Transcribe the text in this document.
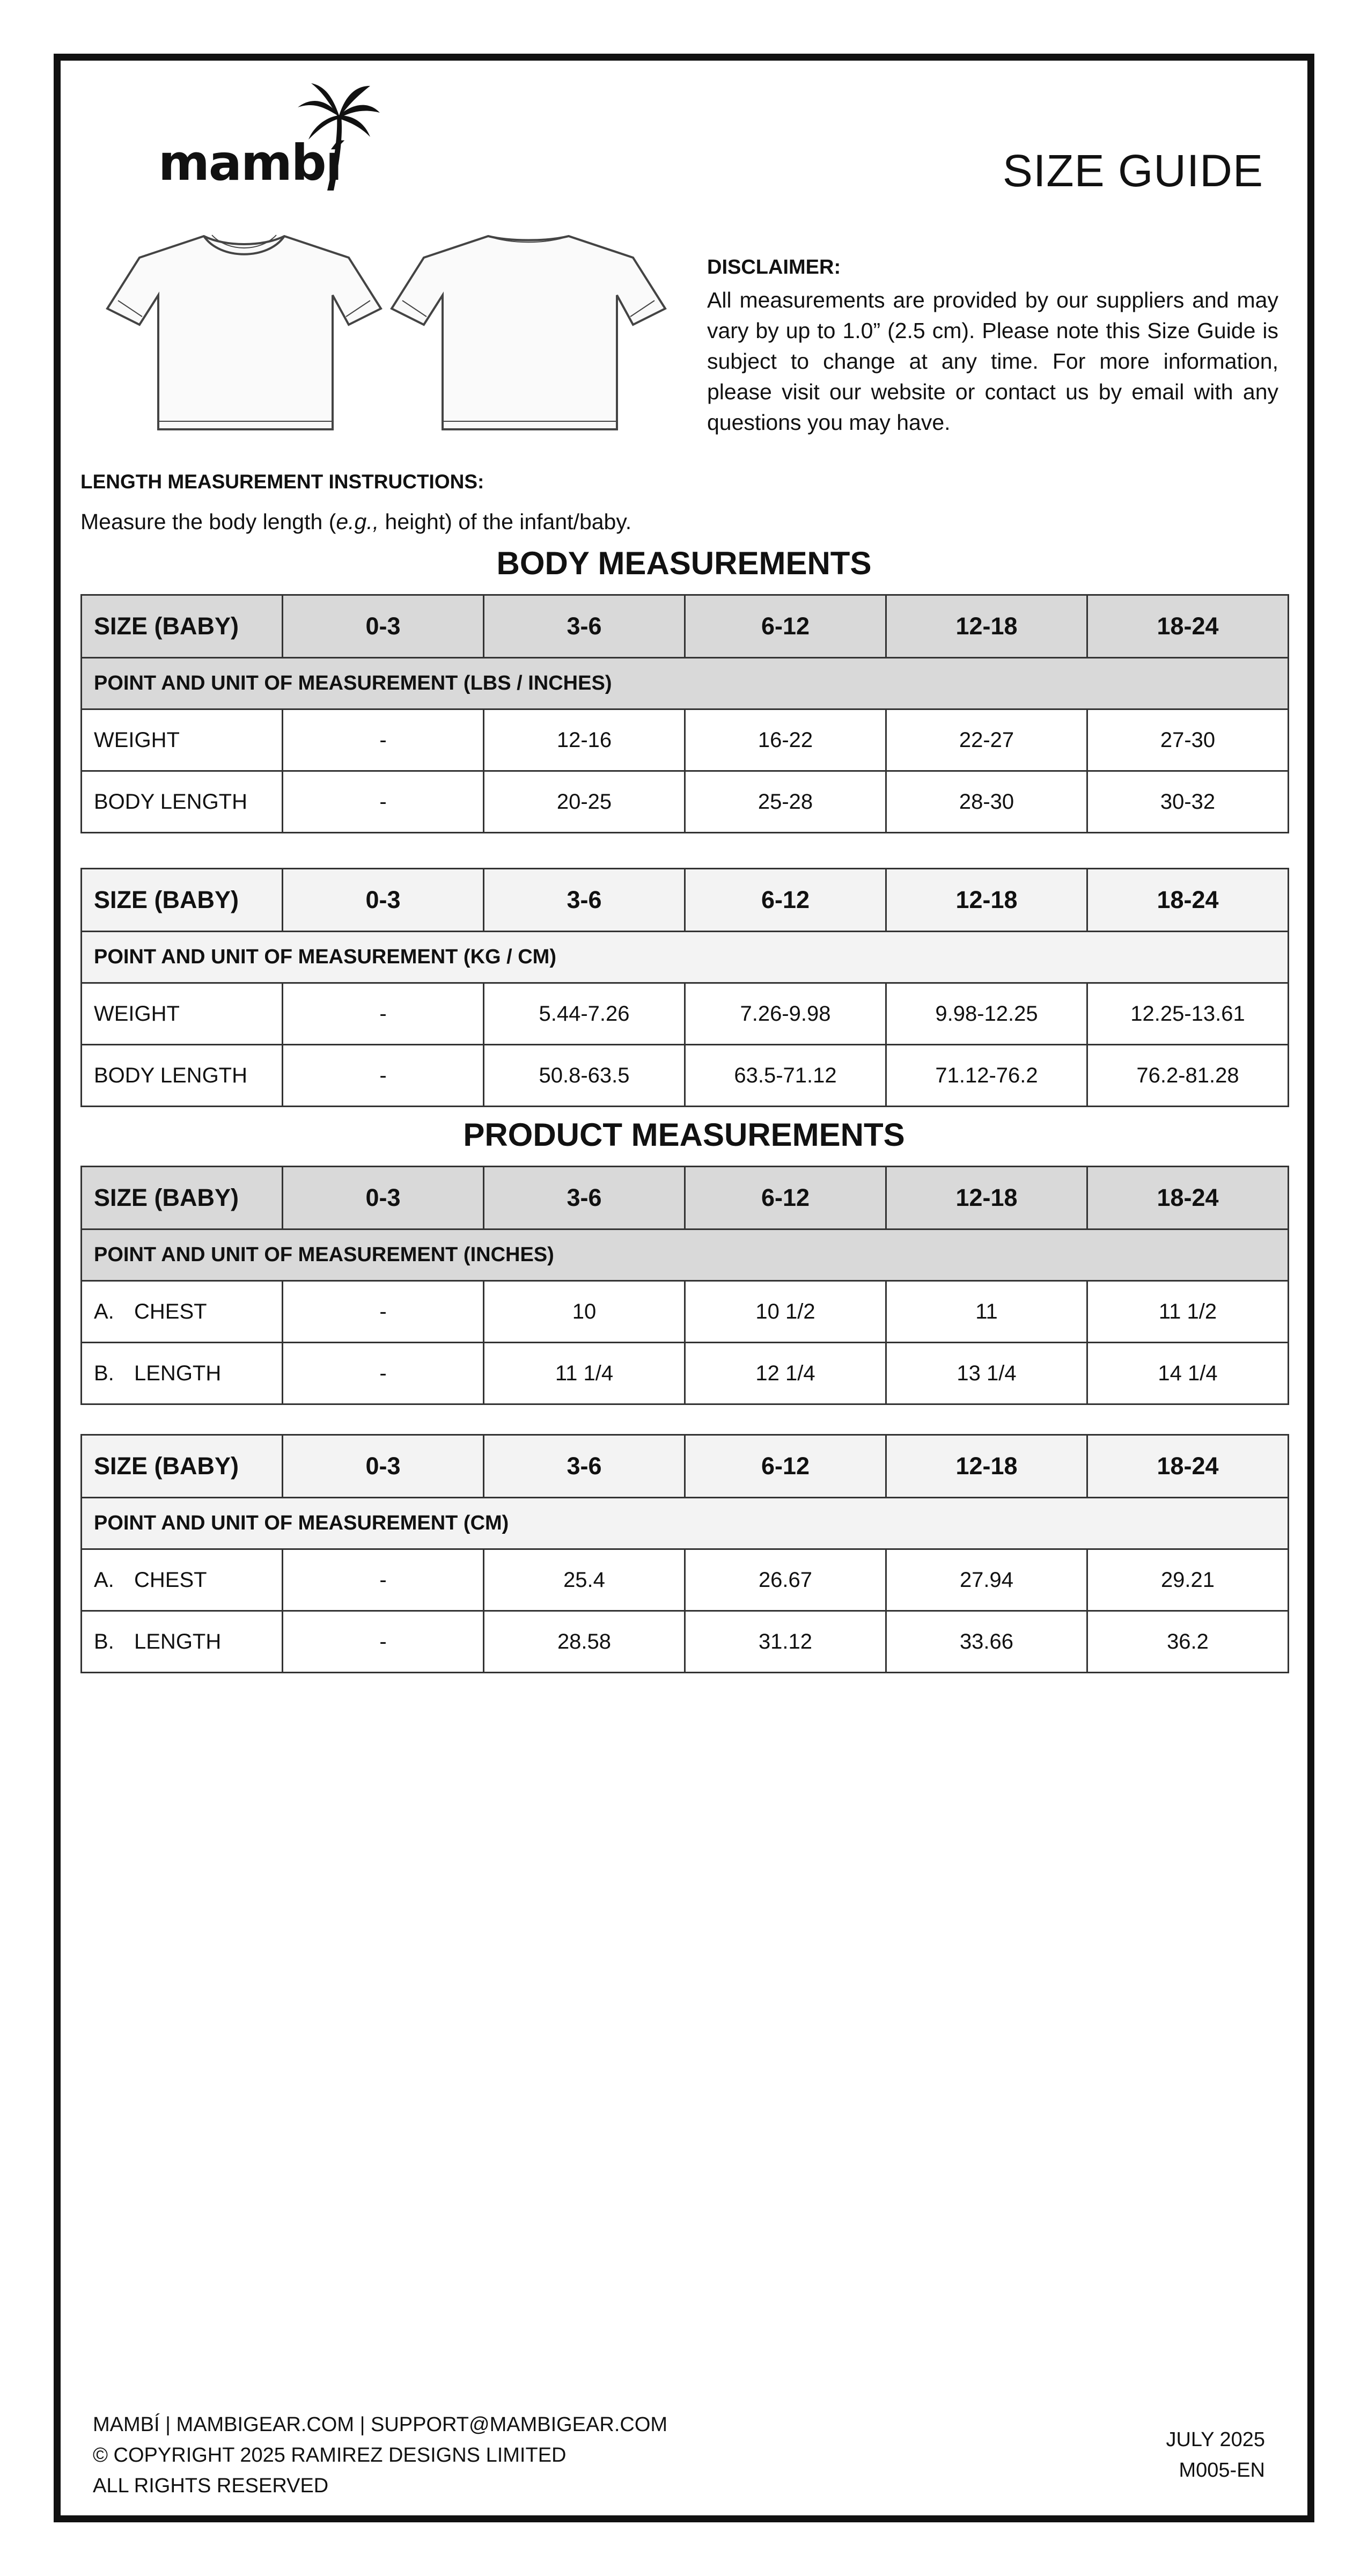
mambí	SIZE GUIDE
DISCLAIMER:
All measurements are provided by our suppliers and may vary by up to 1.0” (2.5 cm). Please note this Size Guide is subject to change at any time. For more information, please visit our website or contact us by email with any questions you may have.
LENGTH MEASUREMENT INSTRUCTIONS:
Measure the body length (e.g., height) of the infant/baby.
BODY MEASUREMENTS
SIZE (BABY)	0-3	3-6	6-12	12-18	18-24
POINT AND UNIT OF MEASUREMENT (LBS / INCHES)					
WEIGHT	-	12-16	16-22	22-27	27-30
BODY LENGTH	-	20-25	25-28	28-30	30-32
SIZE (BABY)	0-3	3-6	6-12	12-18	18-24
POINT AND UNIT OF MEASUREMENT (KG / CM)					
WEIGHT	-	5.44-7.26	7.26-9.98	9.98-12.25	12.25-13.61
BODY LENGTH	-	50.8-63.5	63.5-71.12	71.12-76.2	76.2-81.28
PRODUCT MEASUREMENTS
SIZE (BABY)	0-3	3-6	6-12	12-18	18-24
POINT AND UNIT OF MEASUREMENT (INCHES)					
A. CHEST	-	10	10 1/2	11	11 1/2
B. LENGTH	-	11 1/4	12 1/4	13 1/4	14 1/4
SIZE (BABY)	0-3	3-6	6-12	12-18	18-24
POINT AND UNIT OF MEASUREMENT (CM)					
A. CHEST	-	25.4	26.67	27.94	29.21
B. LENGTH	-	28.58	31.12	33.66	36.2
MAMBÍ | MAMBIGEAR.COM | SUPPORT@MAMBIGEAR.COM
© COPYRIGHT 2025 RAMIREZ DESIGNS LIMITED
ALL RIGHTS RESERVED
JULY 2025
M005-EN
